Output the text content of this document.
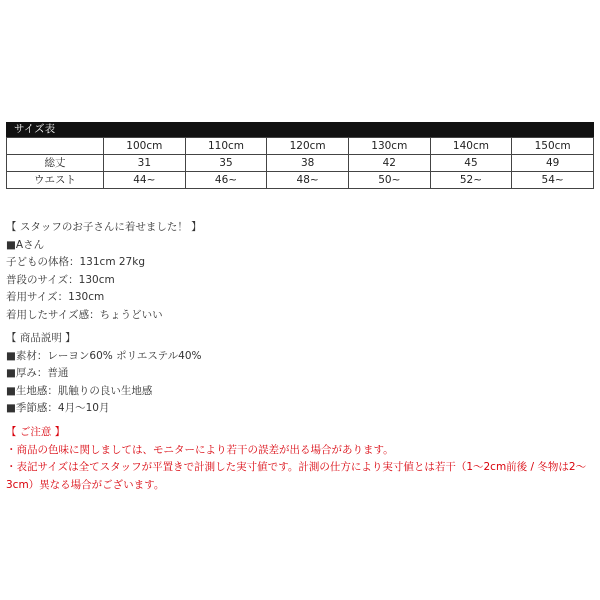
サイズ表
	100cm	110cm	120cm	130cm	140cm	150cm
総丈	31	35	38	42	45	49
ウエスト	44~	46~	48~	50~	52~	54~
【 スタッフのお子さんに着せました！ 】
■Aさん
子どもの体格：131cm 27kg
普段のサイズ：130cm
着用サイズ：130cm
着用したサイズ感：ちょうどいい
【 商品説明 】
■素材：レーヨン60% ポリエステル40%
■厚み：普通
■生地感：肌触りの良い生地感
■季節感：4月～10月
【 ご注意 】
・商品の色味に関しましては、モニターにより若干の誤差が出る場合があります。
・表記サイズは全てスタッフが平置きで計測した実寸値です。計測の仕方により実寸値とは若干（1～2cm前後 / 冬物は2～3cm）異なる場合がございます。
